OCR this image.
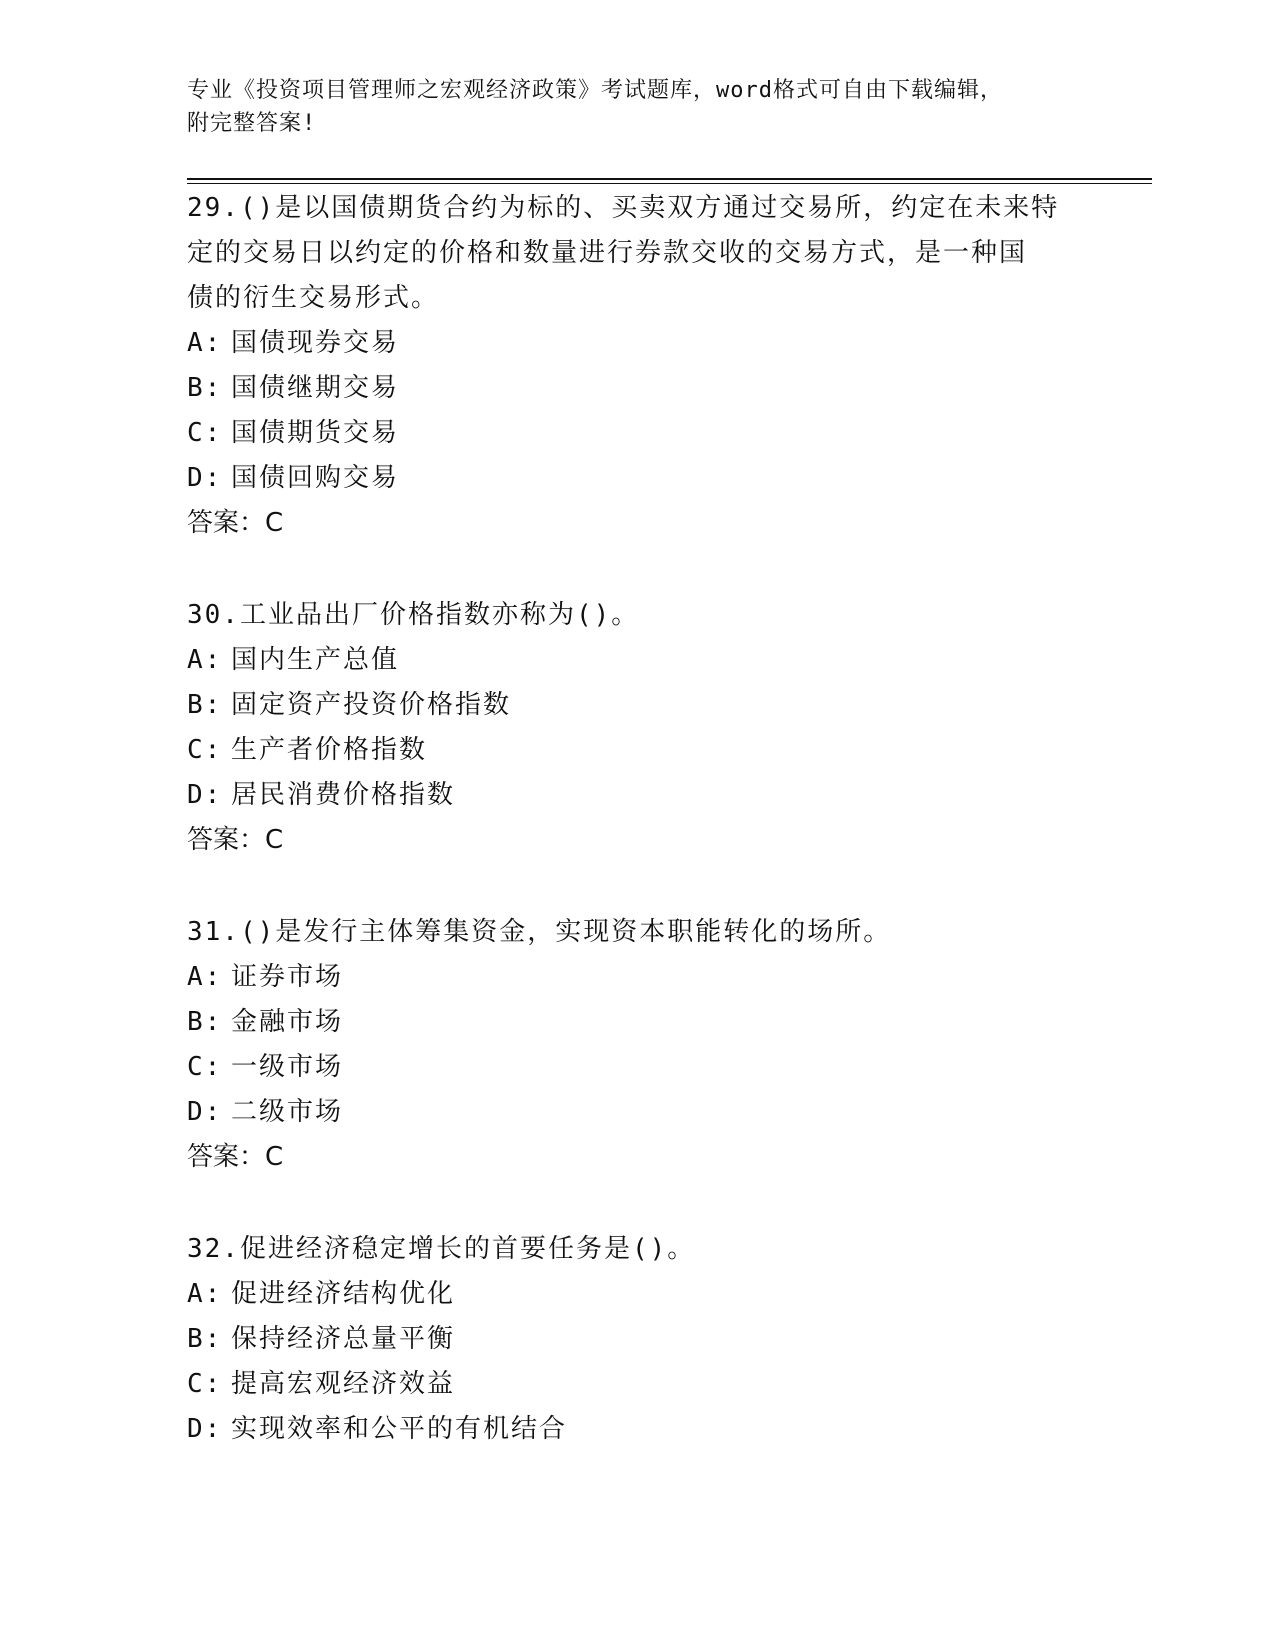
专业《投资项目管理师之宏观经济政策》考试题库，word格式可自由下载编辑，
附完整答案!

29.()是以国债期货合约为标的、买卖双方通过交易所，约定在未来特

定的交易日以约定的价格和数量进行券款交收的交易方式，是一种国

债的衍生交易形式。

A: 国债现券交易

B: 国债继期交易

C: 国债期货交易

D: 国债回购交易

答案：C

30.工业品出厂价格指数亦称为()。

A: 国内生产总值

B: 固定资产投资价格指数

C: 生产者价格指数

D: 居民消费价格指数

答案：C

31.()是发行主体筹集资金，实现资本职能转化的场所。

A: 证券市场

B: 金融市场

C: 一级市场

D: 二级市场

答案：C

32.促进经济稳定增长的首要任务是()。

A: 促进经济结构优化

B: 保持经济总量平衡

C: 提高宏观经济效益

D: 实现效率和公平的有机结合
